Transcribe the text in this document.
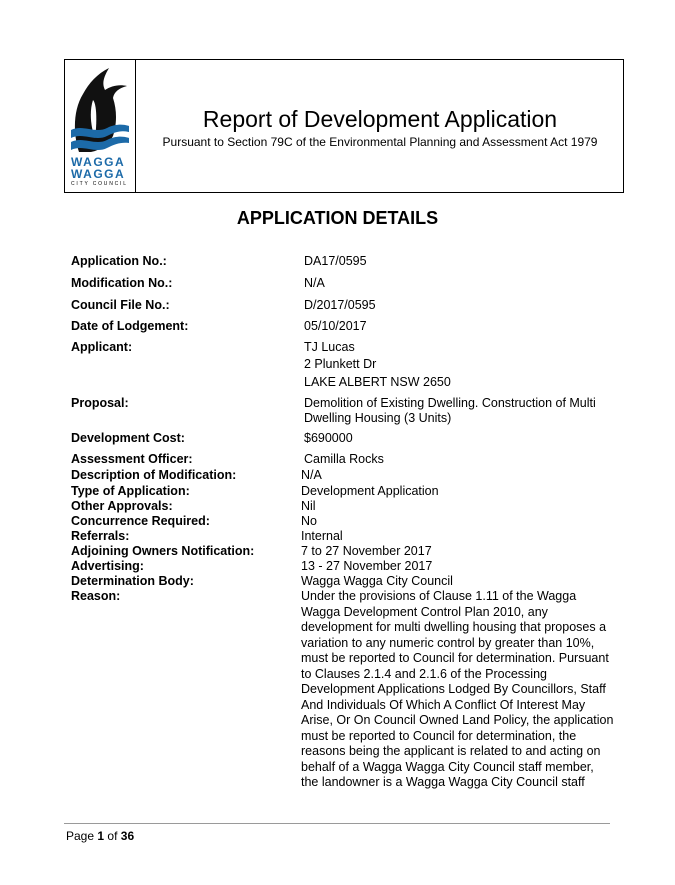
WAGGA
WAGGA
CITY COUNCIL
Report of Development Application
Pursuant to Section 79C of the Environmental Planning and Assessment Act 1979
APPLICATION DETAILS
Application No.:	DA17/0595
Modification No.:	N/A
Council File No.:	D/2017/0595
Date of Lodgement:	05/10/2017
Applicant:	TJ Lucas
2 Plunkett Dr
LAKE ALBERT NSW 2650
Proposal:	Demolition of Existing Dwelling. Construction of Multi
Dwelling Housing (3 Units)
Development Cost:	$690000
Assessment Officer:	Camilla Rocks
Description of Modification:	N/A
Type of Application:	Development Application
Other Approvals:	Nil
Concurrence Required:	No
Referrals:	Internal
Adjoining Owners Notification:	7 to 27 November 2017
Advertising:	13 - 27 November 2017
Determination Body:	Wagga Wagga City Council
Reason:	Under the provisions of Clause 1.11 of the Wagga
Wagga Development Control Plan 2010, any
development for multi dwelling housing that proposes a
variation to any numeric control by greater than 10%,
must be reported to Council for determination. Pursuant
to Clauses 2.1.4 and 2.1.6 of the Processing
Development Applications Lodged By Councillors, Staff
And Individuals Of Which A Conflict Of Interest May
Arise, Or On Council Owned Land Policy, the application
must be reported to Council for determination, the
reasons being the applicant is related to and acting on
behalf of a Wagga Wagga City Council staff member,
the landowner is a Wagga Wagga City Council staff
Page 1 of 36
